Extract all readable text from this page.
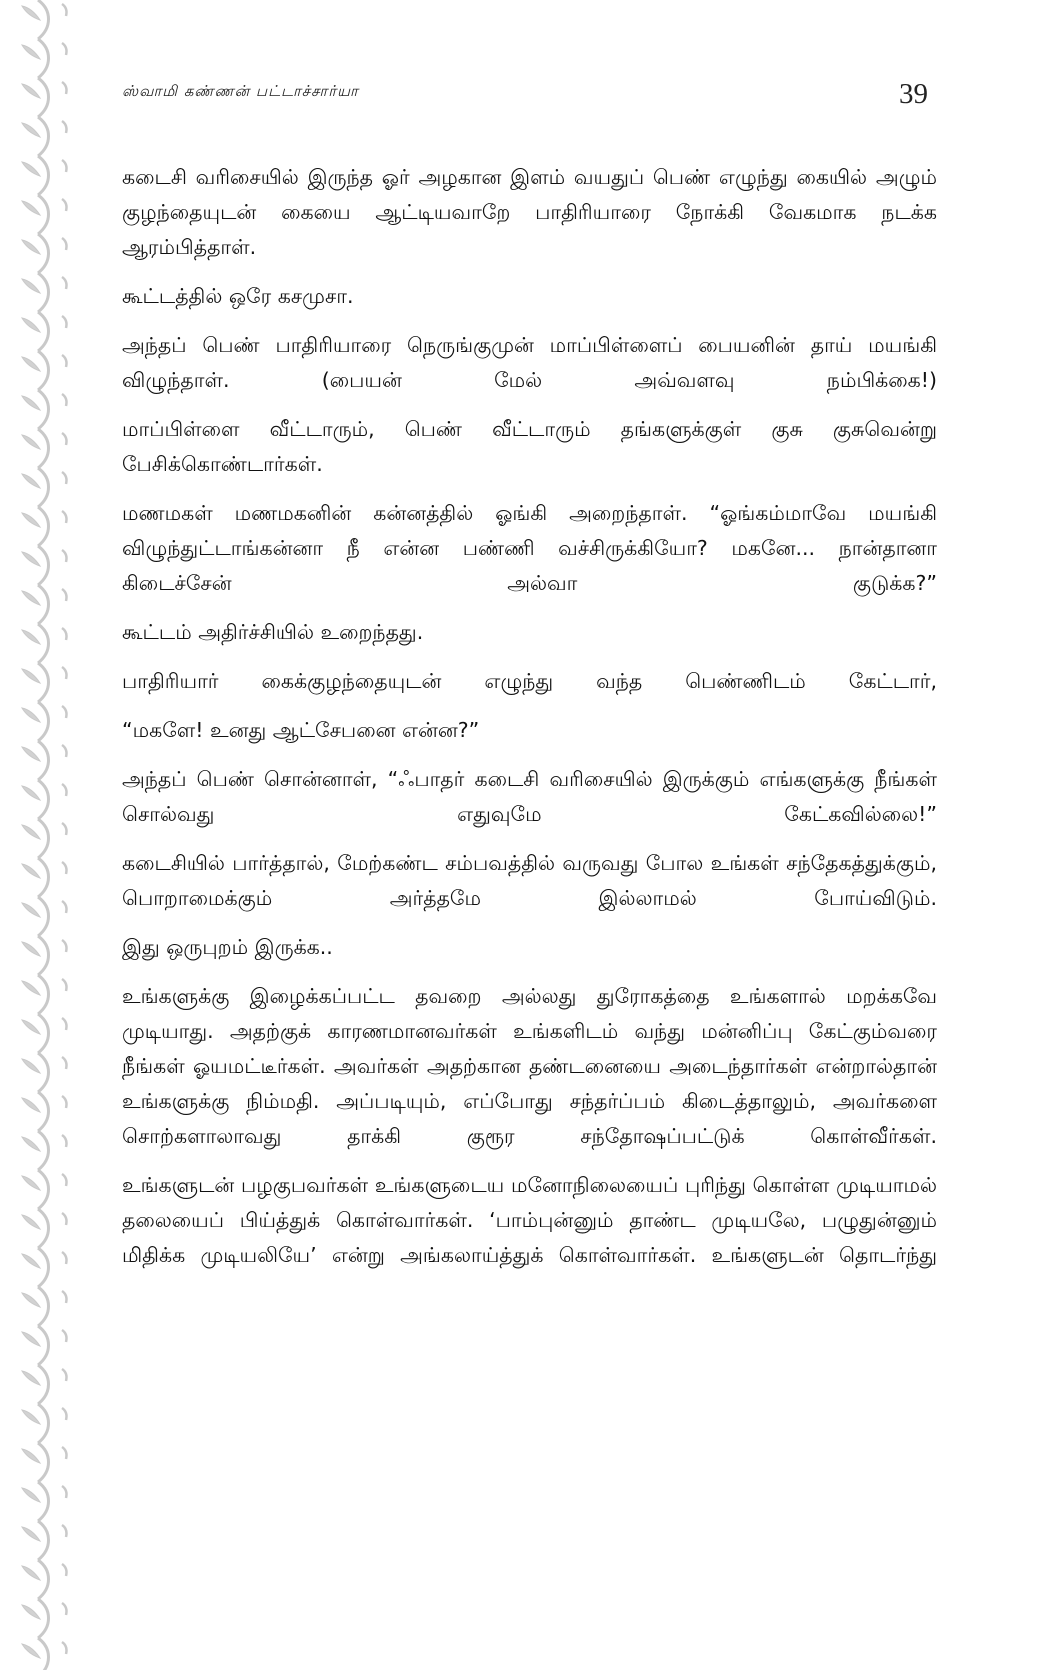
ஸ்வாமி கண்ணன் பட்டாச்சார்யா	39

கடைசி வரிசையில் இருந்த ஓர் அழகான இளம் வயதுப் பெண் எழுந்து கையில் அழும் குழந்தையுடன் கையை ஆட்டியவாறே பாதிரியாரை நோக்கி வேகமாக நடக்க ஆரம்பித்தாள்.

கூட்டத்தில் ஒரே கசமுசா.

அந்தப் பெண் பாதிரியாரை நெருங்குமுன் மாப்பிள்ளைப் பையனின் தாய் மயங்கி விழுந்தாள். (பையன் மேல் அவ்வளவு நம்பிக்கை!)

மாப்பிள்ளை வீட்டாரும், பெண் வீட்டாரும் தங்களுக்குள் குசு குசுவென்று பேசிக்கொண்டார்கள்.

மணமகள் மணமகனின் கன்னத்தில் ஓங்கி அறைந்தாள். “ஓங்கம்மாவே மயங்கி விழுந்துட்டாங்கன்னா நீ என்ன பண்ணி வச்சிருக்கியோ? மகனே... நான்தானா கிடைச்சேன் அல்வா குடுக்க?”

கூட்டம் அதிர்ச்சியில் உறைந்தது.

பாதிரியார் கைக்குழந்தையுடன் எழுந்து வந்த பெண்ணிடம் கேட்டார்,

“மகளே! உனது ஆட்சேபனை என்ன?”

அந்தப் பெண் சொன்னாள், “ஃபாதர் கடைசி வரிசையில் இருக்கும் எங்களுக்கு நீங்கள் சொல்வது எதுவுமே கேட்கவில்லை!”

கடைசியில் பார்த்தால், மேற்கண்ட சம்பவத்தில் வருவது போல உங்கள் சந்தேகத்துக்கும், பொறாமைக்கும் அர்த்தமே இல்லாமல் போய்விடும்.

இது ஒருபுறம் இருக்க..

உங்களுக்கு இழைக்கப்பட்ட தவறை அல்லது துரோகத்தை உங்களால் மறக்கவே முடியாது. அதற்குக் காரணமானவர்கள் உங்களிடம் வந்து மன்னிப்பு கேட்கும்வரை நீங்கள் ஓயமட்டீர்கள். அவர்கள் அதற்கான தண்டனையை அடைந்தார்கள் என்றால்தான் உங்களுக்கு நிம்மதி. அப்படியும், எப்போது சந்தர்ப்பம் கிடைத்தாலும், அவர்களை சொற்களாலாவது தாக்கி குரூர சந்தோஷப்பட்டுக் கொள்வீர்கள்.

உங்களுடன் பழகுபவர்கள் உங்களுடைய மனோநிலையைப் புரிந்து கொள்ள முடியாமல் தலையைப் பிய்த்துக் கொள்வார்கள். ‘பாம்புன்னும் தாண்ட முடியலே, பழுதுன்னும் மிதிக்க முடியலியே’ என்று அங்கலாய்த்துக் கொள்வார்கள். உங்களுடன் தொடர்ந்து
